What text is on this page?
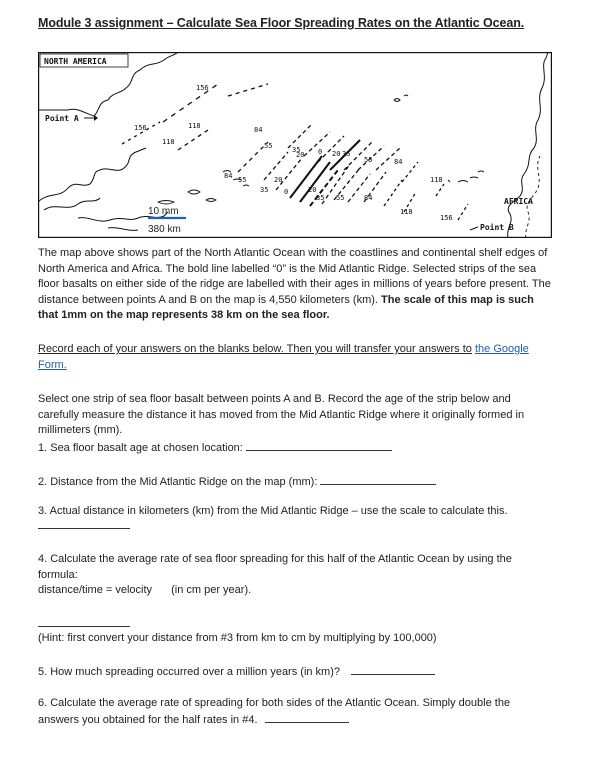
Module 3 assignment – Calculate Sea Floor Spreading Rates on the Atlantic Ocean.
NORTH AMERICA
Point A
AFRICA
Point B
156
156	118
118
84
55	35
20 0 20 35
55	84
84 55
35
20
0	20
35 55	84
118
118
156
10 mm
380 km
The map above shows part of the North Atlantic Ocean with the coastlines and continental shelf edges of North America and Africa. The bold line labelled “0” is the Mid Atlantic Ridge. Selected strips of the sea floor basalts on either side of the ridge are labelled with their ages in millions of years before present. The distance between points A and B on the map is 4,550 kilometers (km). The scale of this map is such that 1mm on the map represents 38 km on the sea floor.
Record each of your answers on the blanks below. Then you will transfer your answers to the Google Form.
Select one strip of sea floor basalt between points A and B. Record the age of the strip below and carefully measure the distance it has moved from the Mid Atlantic Ridge where it originally formed in millimeters (mm).
1. Sea floor basalt age at chosen location:
2. Distance from the Mid Atlantic Ridge on the map (mm):
3. Actual distance in kilometers (km) from the Mid Atlantic Ridge – use the scale to calculate this.
4. Calculate the average rate of sea floor spreading for this half of the Atlantic Ocean by using the formula:
distance/time = velocity (in cm per year).
(Hint: first convert your distance from #3 from km to cm by multiplying by 100,000)
5. How much spreading occurred over a million years (in km)?
6. Calculate the average rate of spreading for both sides of the Atlantic Ocean. Simply double the answers you obtained for the half rates in #4.
